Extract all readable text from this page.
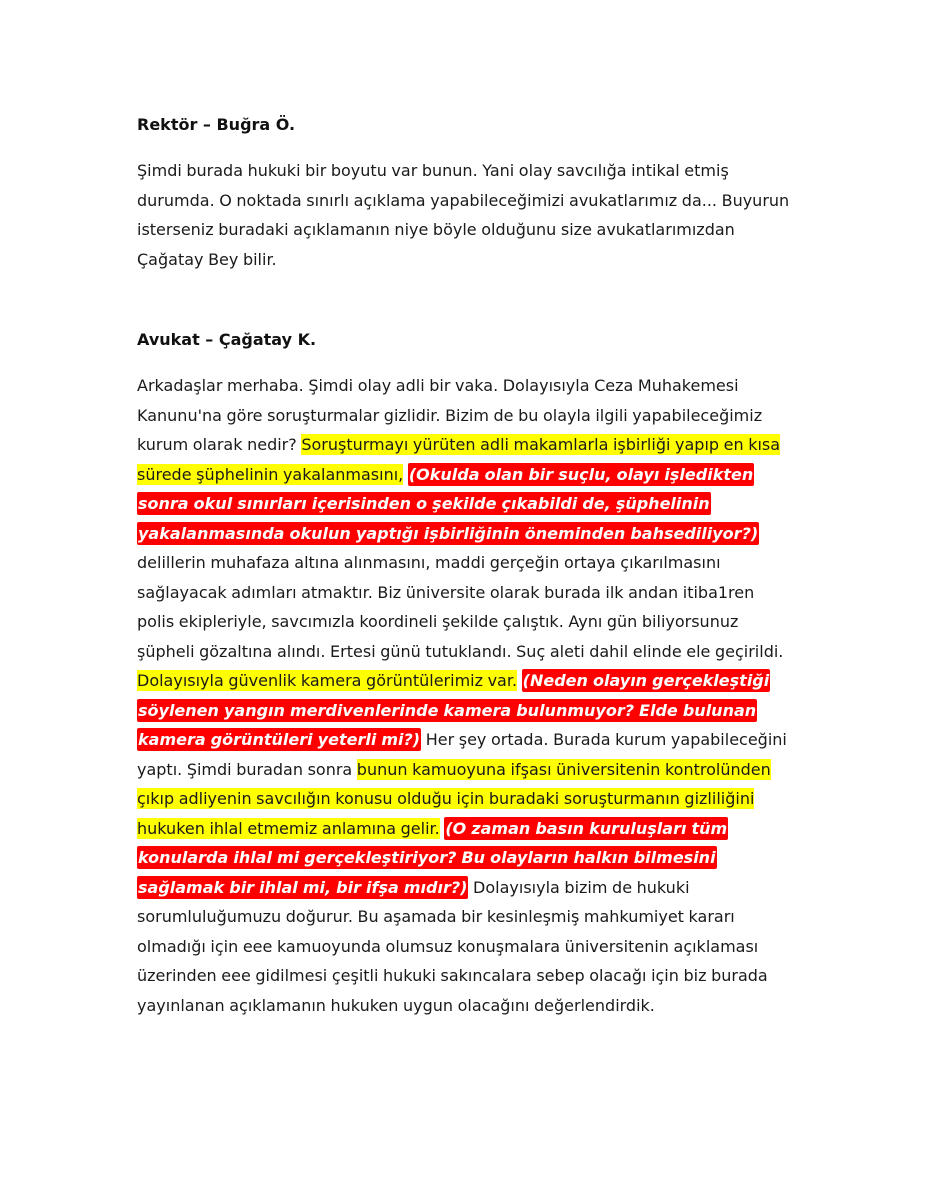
Rektör – Buğra Ö.

Şimdi burada hukuki bir boyutu var bunun. Yani olay savcılığa intikal etmiş durumda. O noktada sınırlı açıklama yapabileceğimizi avukatlarımız da... Buyurun isterseniz buradaki açıklamanın niye böyle olduğunu size avukatlarımızdan Çağatay Bey bilir.

Avukat – Çağatay K.

Arkadaşlar merhaba. Şimdi olay adli bir vaka. Dolayısıyla Ceza Muhakemesi Kanunu'na göre soruşturmalar gizlidir. Bizim de bu olayla ilgili yapabileceğimiz kurum olarak nedir? Soruşturmayı yürüten adli makamlarla işbirliği yapıp en kısa sürede şüphelinin yakalanmasını, (Okulda olan bir suçlu, olayı işledikten sonra okul sınırları içerisinden o şekilde çıkabildi de, şüphelinin yakalanmasında okulun yaptığı işbirliğinin öneminden bahsediliyor?) delillerin muhafaza altına alınmasını, maddi gerçeğin ortaya çıkarılmasını sağlayacak adımları atmaktır. Biz üniversite olarak burada ilk andan itiba1ren polis ekipleriyle, savcımızla koordineli şekilde çalıştık. Aynı gün biliyorsunuz şüpheli gözaltına alındı. Ertesi günü tutuklandı. Suç aleti dahil elinde ele geçirildi. Dolayısıyla güvenlik kamera görüntülerimiz var. (Neden olayın gerçekleştiği söylenen yangın merdivenlerinde kamera bulunmuyor? Elde bulunan kamera görüntüleri yeterli mi?) Her şey ortada. Burada kurum yapabileceğini yaptı. Şimdi buradan sonra bunun kamuoyuna ifşası üniversitenin kontrolünden çıkıp adliyenin savcılığın konusu olduğu için buradaki soruşturmanın gizliliğini hukuken ihlal etmemiz anlamına gelir. (O zaman basın kuruluşları tüm konularda ihlal mi gerçekleştiriyor? Bu olayların halkın bilmesini sağlamak bir ihlal mi, bir ifşa mıdır?) Dolayısıyla bizim de hukuki sorumluluğumuzu doğurur. Bu aşamada bir kesinleşmiş mahkumiyet kararı olmadığı için eee kamuoyunda olumsuz konuşmalara üniversitenin açıklaması üzerinden eee gidilmesi çeşitli hukuki sakıncalara sebep olacağı için biz burada yayınlanan açıklamanın hukuken uygun olacağını değerlendirdik.
